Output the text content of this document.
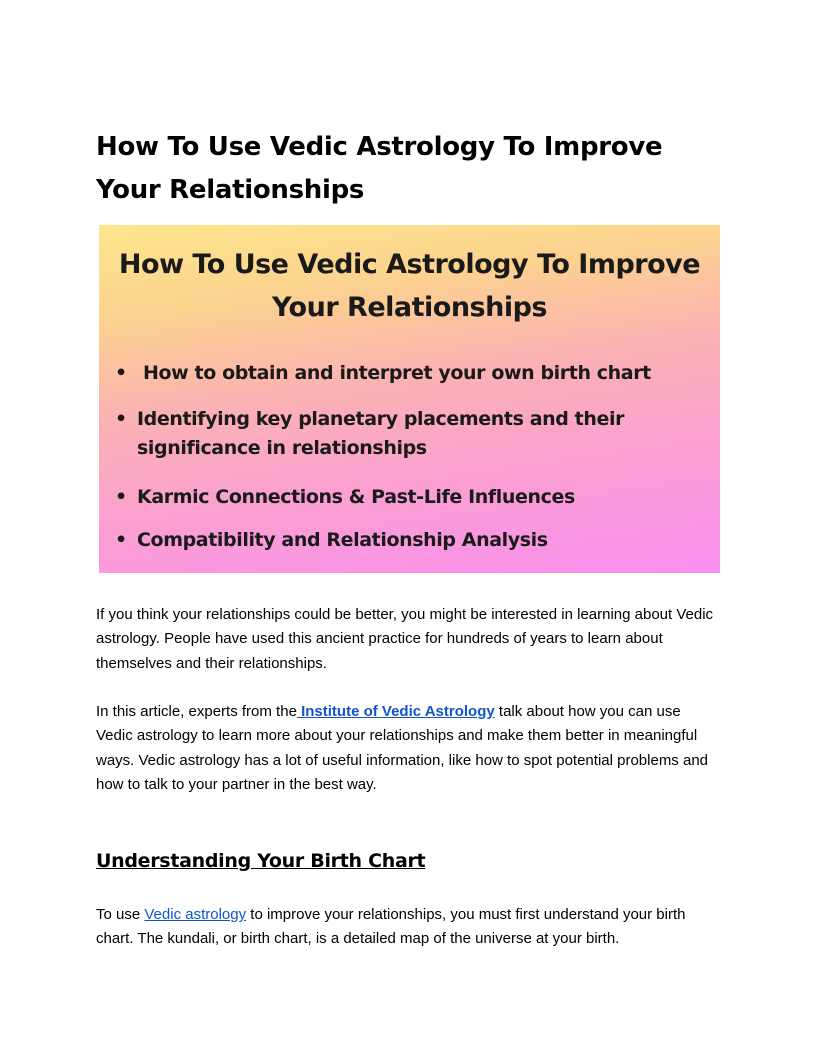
How To Use Vedic Astrology To Improve Your Relationships
How To Use Vedic Astrology To Improve Your Relationships
• How to obtain and interpret your own birth chart
• Identifying key planetary placements and their significance in relationships
• Karmic Connections & Past-Life Influences
• Compatibility and Relationship Analysis

If you think your relationships could be better, you might be interested in learning about Vedic astrology. People have used this ancient practice for hundreds of years to learn about themselves and their relationships.

In this article, experts from the Institute of Vedic Astrology talk about how you can use Vedic astrology to learn more about your relationships and make them better in meaningful ways. Vedic astrology has a lot of useful information, like how to spot potential problems and how to talk to your partner in the best way.

Understanding Your Birth Chart

To use Vedic astrology to improve your relationships, you must first understand your birth chart. The kundali, or birth chart, is a detailed map of the universe at your birth.
